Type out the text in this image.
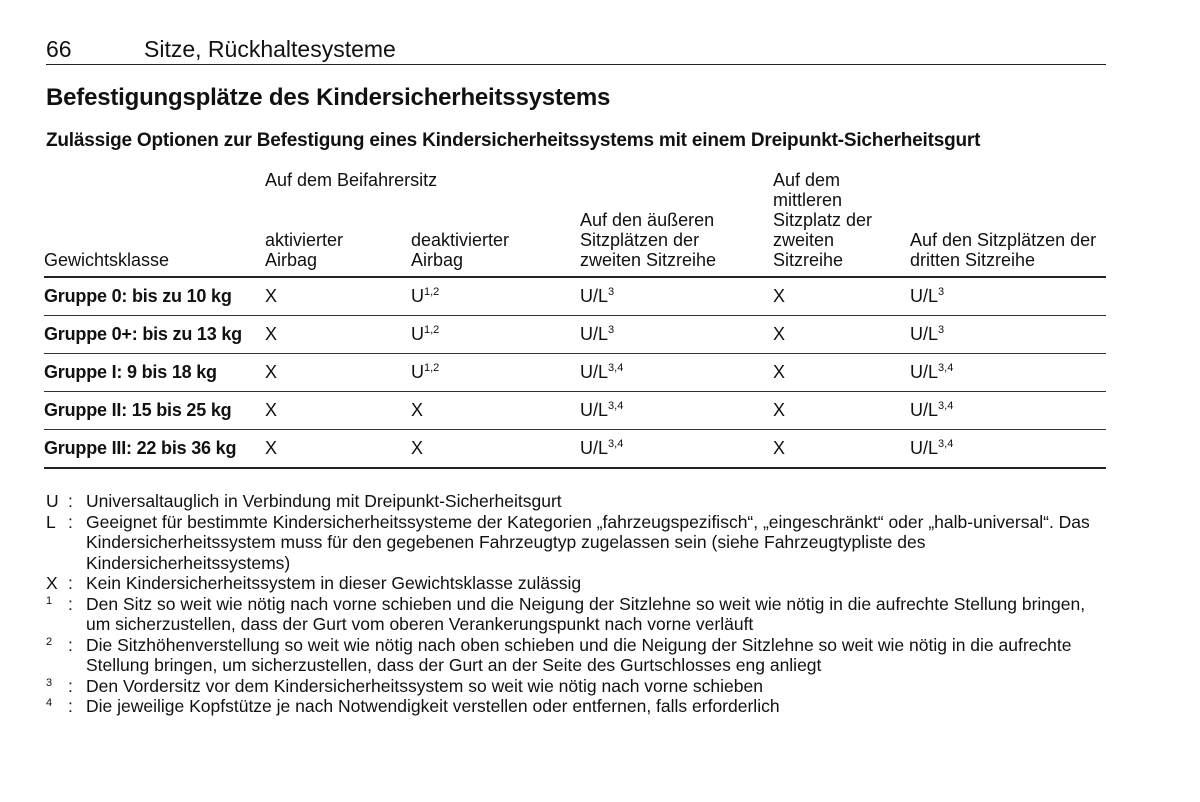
66	Sitze, Rückhaltesysteme
Befestigungsplätze des Kindersicherheitssystems
Zulässige Optionen zur Befestigung eines Kindersicherheitssystems mit einem Dreipunkt-Sicherheitsgurt
Gewichtsklasse	Auf dem Beifahrersitz		Auf den äußeren Sitzplätzen der zweiten Sitzreihe	Auf dem mittleren Sitzplatz der zweiten Sitzreihe	Auf den Sitzplätzen der dritten Sitzreihe
	aktivierter Airbag	deaktivierter Airbag			
Gruppe 0: bis zu 10 kg	X	U$^{1,2}$	$U/L^3$	X	$U/L^3$
Gruppe 0+: bis zu 13 kg	X	U$^{1,2}$	$U/L^3$	X	$U/L^3$
Gruppe I: 9 bis 18 kg	X	U$^{1,2}$	$U/L^{3,4}$	X	$U/L^{3,4}$
Gruppe II: 15 bis 25 kg	X	X	$U/L^{3,4}$	X	$U/L^{3,4}$
Gruppe III: 22 bis 36 kg	X	X	$U/L^{3,4}$	X	$U/L^{3,4}$
U : Universaltauglich in Verbindung mit Dreipunkt-Sicherheitsgurt
L : Geeignet für bestimmte Kindersicherheitssysteme der Kategorien „fahrzeugspezifisch“, „eingeschränkt“ oder „halb-universal“. Das Kindersicherheitssystem muss für den gegebenen Fahrzeugtyp zugelassen sein (siehe Fahrzeugtypliste des Kindersicherheitssystems)
X : Kein Kindersicherheitssystem in dieser Gewichtsklasse zulässig
1 : Den Sitz so weit wie nötig nach vorne schieben und die Neigung der Sitzlehne so weit wie nötig in die aufrechte Stellung bringen, um sicherzustellen, dass der Gurt vom oberen Verankerungspunkt nach vorne verläuft
2 : Die Sitzhöhenverstellung so weit wie nötig nach oben schieben und die Neigung der Sitzlehne so weit wie nötig in die aufrechte Stellung bringen, um sicherzustellen, dass der Gurt an der Seite des Gurtschlosses eng anliegt
3 : Den Vordersitz vor dem Kindersicherheitssystem so weit wie nötig nach vorne schieben
4 : Die jeweilige Kopfstütze je nach Notwendigkeit verstellen oder entfernen, falls erforderlich
